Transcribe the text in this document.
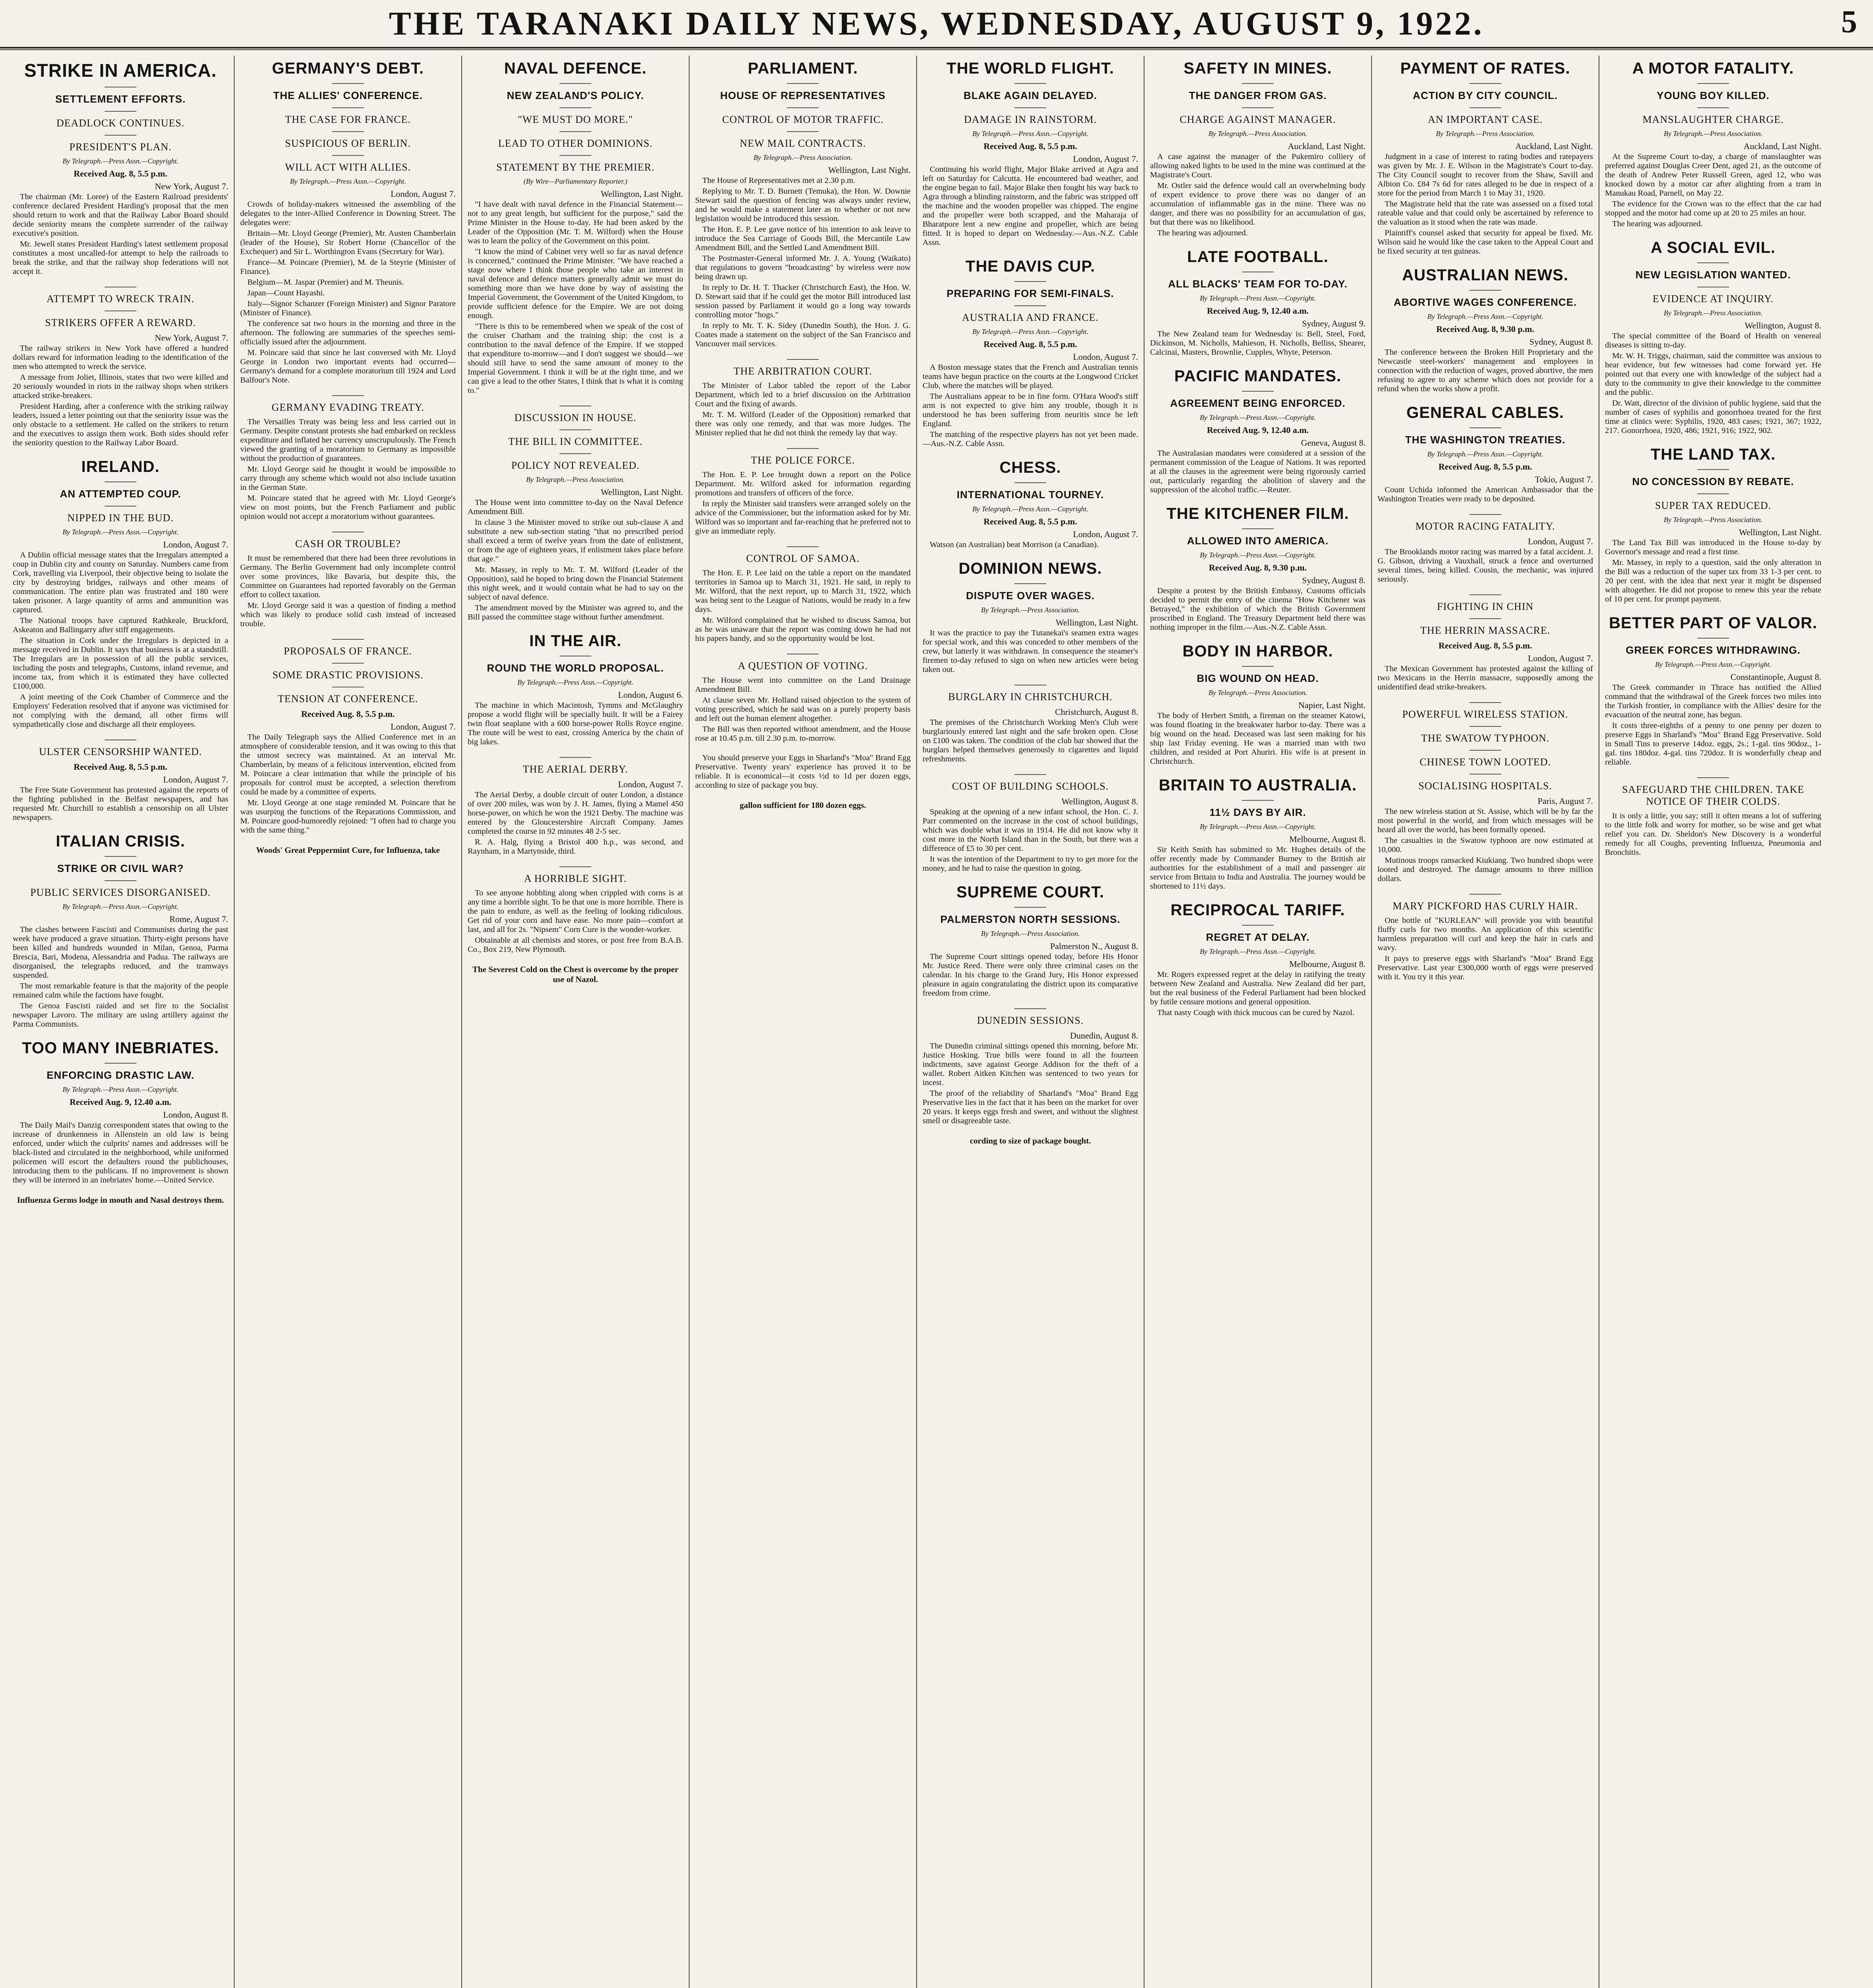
THE TARANAKI DAILY NEWS, WEDNESDAY, AUGUST 9, 1922.	5
STRIKE IN AMERICA.
SETTLEMENT EFFORTS.
DEADLOCK CONTINUES.
PRESIDENT'S PLAN.
By Telegraph.—Press Assn.—Copyright.
Received Aug. 8, 5.5 p.m.
New York, August 7.

The chairman (Mr. Loree) of the Eastern Railroad presidents' conference declared President Harding's proposal that the men should return to work and that the Railway Labor Board should decide seniority means the complete surrender of the railway executive's position.

Mr. Jewell states President Harding's latest settlement proposal constitutes a most uncalled-for attempt to help the railroads to break the strike, and that the railway shop federations will not accept it.

ATTEMPT TO WRECK TRAIN.
STRIKERS OFFER A REWARD.
New York, August 7.

The railway strikers in New York have offered a hundred dollars reward for information leading to the identification of the men who attempted to wreck the service.

A message from Joliet, Illinois, states that two were killed and 20 seriously wounded in riots in the railway shops when strikers attacked strike-breakers.

President Harding, after a conference with the striking railway leaders, issued a letter pointing out that the seniority issue was the only obstacle to a settlement. He called on the strikers to return and the executives to assign them work. Both sides should refer the seniority question to the Railway Labor Board.

IRELAND.
AN ATTEMPTED COUP.
NIPPED IN THE BUD.
By Telegraph.—Press Assn.—Copyright.
London, August 7.

A Dublin official message states that the Irregulars attempted a coup in Dublin city and county on Saturday. Numbers came from Cork, travelling via Liverpool, their objective being to isolate the city by destroying bridges, railways and other means of communication. The entire plan was frustrated and 180 were taken prisoner. A large quantity of arms and ammunition was captured.

The National troops have captured Rathkeale, Bruckford, Askeaton and Ballingarry after stiff engagements.

The situation in Cork under the Irregulars is depicted in a message received in Dublin. It says that business is at a standstill. The Irregulars are in possession of all the public services, including the posts and telegraphs, Customs, inland revenue, and income tax, from which it is estimated they have collected £100,000.

A joint meeting of the Cork Chamber of Commerce and the Employers' Federation resolved that if anyone was victimised for not complying with the demand, all other firms will sympathetically close and discharge all their employees.

ULSTER CENSORSHIP WANTED.
Received Aug. 8, 5.5 p.m.
London, August 7.

The Free State Government has protested against the reports of the fighting published in the Belfast newspapers, and has requested Mr. Churchill to establish a censorship on all Ulster newspapers.

ITALIAN CRISIS.
STRIKE OR CIVIL WAR?
PUBLIC SERVICES DISORGANISED.
By Telegraph.—Press Assn.—Copyright.
Rome, August 7.

The clashes between Fascisti and Communists during the past week have produced a grave situation. Thirty-eight persons have been killed and hundreds wounded in Milan, Genoa, Parma Brescia, Bari, Modena, Alessandria and Padua. The railways are disorganised, the telegraphs reduced, and the tramways suspended.

The most remarkable feature is that the majority of the people remained calm while the factions have fought.

The Genoa Fascisti raided and set fire to the Socialist newspaper Lavoro. The military are using artillery against the Parma Communists.

TOO MANY INEBRIATES.
ENFORCING DRASTIC LAW.
By Telegraph.—Press Assn.—Copyright.
Received Aug. 9, 12.40 a.m.
London, August 8.

The Daily Mail's Danzig correspondent states that owing to the increase of drunkenness in Allenstein an old law is being enforced, under which the culprits' names and addresses will be black-listed and circulated in the neighborhood, while uniformed policemen will escort the defaulters round the publichouses, introducing them to the publicans. If no improvement is shown they will be interned in an inebriates' home.—United Service.

Influenza Germs lodge in mouth and Nasal destroys them.
GERMANY'S DEBT.
THE ALLIES' CONFERENCE.
THE CASE FOR FRANCE.
SUSPICIOUS OF BERLIN.
WILL ACT WITH ALLIES.
By Telegraph.—Press Assn.—Copyright.
London, August 7.

Crowds of holiday-makers witnessed the assembling of the delegates to the inter-Allied Conference in Downing Street. The delegates were:

Britain—Mr. Lloyd George (Premier), Mr. Austen Chamberlain (leader of the House), Sir Robert Horne (Chancellor of the Exchequer) and Sir L. Worthington Evans (Secretary for War).

France—M. Poincare (Premier), M. de la Steyrie (Minister of Finance).

Belgium—M. Jaspar (Premier) and M. Theunis.

Japan—Count Hayashi.

Italy—Signor Schanzer (Foreign Minister) and Signor Paratore (Minister of Finance).

The conference sat two hours in the morning and three in the afternoon. The following are summaries of the speeches semi-officially issued after the adjournment.

M. Poincare said that since he last conversed with Mr. Lloyd George in London two important events had occurred—Germany's demand for a complete moratorium till 1924 and Lord Balfour's Note.

GERMANY EVADING TREATY.

The Versailles Treaty was being less and less carried out in Germany. Despite constant protests she had embarked on reckless expenditure and inflated her currency unscrupulously. The French viewed the granting of a moratorium to Germany as impossible without the production of guarantees.

Mr. Lloyd George said he thought it would be impossible to carry through any scheme which would not also include taxation in the German State.

M. Poincare stated that he agreed with Mr. Lloyd George's view on most points, but the French Parliament and public opinion would not accept a moratorium without guarantees.

CASH OR TROUBLE?

It must be remembered that there had been three revolutions in Germany. The Berlin Government had only incomplete control over some provinces, like Bavaria, but despite this, the Committee on Guarantees had reported favorably on the German effort to collect taxation.

Mr. Lloyd George said it was a question of finding a method which was likely to produce solid cash instead of increased trouble.

PROPOSALS OF FRANCE.
SOME DRASTIC PROVISIONS.
TENSION AT CONFERENCE.
Received Aug. 8, 5.5 p.m.
London, August 7.

The Daily Telegraph says the Allied Conference met in an atmosphere of considerable tension, and it was owing to this that the utmost secrecy was maintained. At an interval Mr. Chamberlain, by means of a felicitous intervention, elicited from M. Poincare a clear intimation that while the principle of his proposals for control must be accepted, a selection therefrom could be made by a committee of experts.

Mr. Lloyd George at one stage reminded M. Poincare that he was usurping the functions of the Reparations Commission, and M. Poincare good-humoredly rejoined: "I often had to charge you with the same thing."

Woods' Great Peppermint Cure, for Influenza, take
NAVAL DEFENCE.
NEW ZEALAND'S POLICY.
"WE MUST DO MORE."
LEAD TO OTHER DOMINIONS.
STATEMENT BY THE PREMIER.
(By Wire—Parliamentary Reporter.)
Wellington, Last Night.

"I have dealt with naval defence in the Financial Statement—not to any great length, but sufficient for the purpose," said the Prime Minister in the House to-day. He had been asked by the Leader of the Opposition (Mr. T. M. Wilford) when the House was to learn the policy of the Government on this point.

"I know the mind of Cabinet very well so far as naval defence is concerned," continued the Prime Minister. "We have reached a stage now where I think those people who take an interest in naval defence and defence matters generally admit we must do something more than we have done by way of assisting the Imperial Government, the Government of the United Kingdom, to provide sufficient defence for the Empire. We are not doing enough.

"There is this to be remembered when we speak of the cost of the cruiser Chatham and the training ship: the cost is a contribution to the naval defence of the Empire. If we stopped that expenditure to-morrow—and I don't suggest we should—we should still have to send the same amount of money to the Imperial Government. I think it will be at the right time, and we can give a lead to the other States, I think that is what it is coming to."

DISCUSSION IN HOUSE.
THE BILL IN COMMITTEE.
POLICY NOT REVEALED.
By Telegraph.—Press Association.
Wellington, Last Night.

The House went into committee to-day on the Naval Defence Amendment Bill.

In clause 3 the Minister moved to strike out sub-clause A and substitute a new sub-section stating "that no prescribed period shall exceed a term of twelve years from the date of enlistment, or from the age of eighteen years, if enlistment takes place before that age."

Mr. Massey, in reply to Mr. T. M. Wilford (Leader of the Opposition), said he hoped to bring down the Financial Statement this night week, and it would contain what he had to say on the subject of naval defence.

The amendment moved by the Minister was agreed to, and the Bill passed the committee stage without further amendment.

IN THE AIR.
ROUND THE WORLD PROPOSAL.
By Telegraph.—Press Assn.—Copyright.
London, August 6.

The machine in which Macintosh, Tymms and McGlaughry propose a world flight will be specially built. It will be a Fairey twin float seaplane with a 600 horse-power Rolls Royce engine. The route will be west to east, crossing America by the chain of big lakes.

THE AERIAL DERBY.
London, August 7.

The Aerial Derby, a double circuit of outer London, a distance of over 200 miles, was won by J. H. James, flying a Mamel 450 horse-power, on which he won the 1921 Derby. The machine was entered by the Gloucestershire Aircraft Company. James completed the course in 92 minutes 48 2-5 sec.

R. A. Halg, flying a Bristol 400 h.p., was second, and Raynham, in a Martynside, third.

A HORRIBLE SIGHT.

To see anyone hobbling along when crippled with corns is at any time a horrible sight. To be that one is more horrible. There is the pain to endure, as well as the feeling of looking ridiculous. Get rid of your corn and have ease. No more pain—comfort at last, and all for 2s. "Nipsem" Corn Cure is the wonder-worker.

Obtainable at all chemists and stores, or post free from B.A.B. Co., Box 219, New Plymouth.

The Severest Cold on the Chest is overcome by the proper use of Nazol.
PARLIAMENT.
HOUSE OF REPRESENTATIVES
CONTROL OF MOTOR TRAFFIC.
NEW MAIL CONTRACTS.
By Telegraph.—Press Association.
Wellington, Last Night.

The House of Representatives met at 2.30 p.m.

Replying to Mr. T. D. Burnett (Temuka), the Hon. W. Downie Stewart said the question of fencing was always under review, and he would make a statement later as to whether or not new legislation would be introduced this session.

The Hon. E. P. Lee gave notice of his intention to ask leave to introduce the Sea Carriage of Goods Bill, the Mercantile Law Amendment Bill, and the Settled Land Amendment Bill.

The Postmaster-General informed Mr. J. A. Young (Waikato) that regulations to govern "broadcasting" by wireless were now being drawn up.

In reply to Dr. H. T. Thacker (Christchurch East), the Hon. W. D. Stewart said that if he could get the motor Bill introduced last session passed by Parliament it would go a long way towards controlling motor "hogs."

In reply to Mr. T. K. Sidey (Dunedin South), the Hon. J. G. Coates made a statement on the subject of the San Francisco and Vancouver mail services.

THE ARBITRATION COURT.

The Minister of Labor tabled the report of the Labor Department, which led to a brief discussion on the Arbitration Court and the fixing of awards.

Mr. T. M. Wilford (Leader of the Opposition) remarked that there was only one remedy, and that was more Judges. The Minister replied that he did not think the remedy lay that way.

THE POLICE FORCE.

The Hon. E. P. Lee brought down a report on the Police Department. Mr. Wilford asked for information regarding promotions and transfers of officers of the force.

In reply the Minister said transfers were arranged solely on the advice of the Commissioner, but the information asked for by Mr. Wilford was so important and far-reaching that he preferred not to give an immediate reply.

CONTROL OF SAMOA.

The Hon. E. P. Lee laid on the table a report on the mandated territories in Samoa up to March 31, 1921. He said, in reply to Mr. Wilford, that the next report, up to March 31, 1922, which was being sent to the League of Nations, would be ready in a few days.

Mr. Wilford complained that he wished to discuss Samoa, but as he was unaware that the report was coming down he had not his papers handy, and so the opportunity would be lost.

A QUESTION OF VOTING.

The House went into committee on the Land Drainage Amendment Bill.

At clause seven Mr. Holland raised objection to the system of voting prescribed, which he said was on a purely property basis and left out the human element altogether.

The Bill was then reported without amendment, and the House rose at 10.45 p.m. till 2.30 p.m. to-morrow.

You should preserve your Eggs in Sharland's "Moa" Brand Egg Preservative. Twenty years' experience has proved it to be reliable. It is economical—it costs ½d to 1d per dozen eggs, according to size of package you buy.

gallon sufficient for 180 dozen eggs.
THE WORLD FLIGHT.
BLAKE AGAIN DELAYED.
DAMAGE IN RAINSTORM.
By Telegraph.—Press Assn.—Copyright.
Received Aug. 8, 5.5 p.m.
London, August 7.

Continuing his world flight, Major Blake arrived at Agra and left on Saturday for Calcutta. He encountered bad weather, and the engine began to fail. Major Blake then fought his way back to Agra through a blinding rainstorm, and the fabric was stripped off the machine and the wooden propeller was chipped. The engine and the propeller were both scrapped, and the Maharaja of Bharatpore lent a new engine and propeller, which are being fitted. It is hoped to depart on Wednesday.—Aus.-N.Z. Cable Assn.

THE DAVIS CUP.
PREPARING FOR SEMI-FINALS.
AUSTRALIA AND FRANCE.
By Telegraph.—Press Assn.—Copyright.
Received Aug. 8, 5.5 p.m.
London, August 7.

A Boston message states that the French and Australian tennis teams have begun practice on the courts at the Longwood Cricket Club, where the matches will be played.

The Australians appear to be in fine form. O'Hara Wood's stiff arm is not expected to give him any trouble, though it is understood he has been suffering from neuritis since he left England.

The matching of the respective players has not yet been made.—Aus.-N.Z. Cable Assn.

CHESS.
INTERNATIONAL TOURNEY.
By Telegraph.—Press Assn.—Copyright.
Received Aug. 8, 5.5 p.m.
London, August 7.

Watson (an Australian) beat Morrison (a Canadian).

DOMINION NEWS.
DISPUTE OVER WAGES.
By Telegraph.—Press Association.
Wellington, Last Night.

It was the practice to pay the Tutanekai's seamen extra wages for special work, and this was conceded to other members of the crew, but latterly it was withdrawn. In consequence the steamer's firemen to-day refused to sign on when new articles were being taken out.

BURGLARY IN CHRISTCHURCH.
Christchurch, August 8.

The premises of the Christchurch Working Men's Club were burglariously entered last night and the safe broken open. Close on £100 was taken. The condition of the club bar showed that the burglars helped themselves generously to cigarettes and liquid refreshments.

COST OF BUILDING SCHOOLS.
Wellington, August 8.

Speaking at the opening of a new infant school, the Hon. C. J. Parr commented on the increase in the cost of school buildings, which was double what it was in 1914. He did not know why it cost more in the North Island than in the South, but there was a difference of £5 to 30 per cent.

It was the intention of the Department to try to get more for the money, and he had to raise the question in going.

SUPREME COURT.
PALMERSTON NORTH SESSIONS.
By Telegraph.—Press Association.
Palmerston N., August 8.

The Supreme Court sittings opened today, before His Honor Mr. Justice Reed. There were only three criminal cases on the calendar. In his charge to the Grand Jury, His Honor expressed pleasure in again congratulating the district upon its comparative freedom from crime.

DUNEDIN SESSIONS.
Dunedin, August 8.

The Dunedin criminal sittings opened this morning, before Mr. Justice Hosking. True bills were found in all the fourteen indictments, save against George Addison for the theft of a wallet. Robert Aitken Kitchen was sentenced to two years for incest.

The proof of the reliability of Sharland's "Moa" Brand Egg Preservative lies in the fact that it has been on the market for over 20 years. It keeps eggs fresh and sweet, and without the slightest smell or disagreeable taste.

cording to size of package bought.
SAFETY IN MINES.
THE DANGER FROM GAS.
CHARGE AGAINST MANAGER.
By Telegraph.—Press Association.
Auckland, Last Night.

A case against the manager of the Pukemiro colliery of allowing naked lights to be used in the mine was continued at the Magistrate's Court.

Mr. Ostler said the defence would call an overwhelming body of expert evidence to prove there was no danger of an accumulation of inflammable gas in the mine. There was no danger, and there was no possibility for an accumulation of gas, but that there was no likelihood.

The hearing was adjourned.

LATE FOOTBALL.
ALL BLACKS' TEAM FOR TO-DAY.
By Telegraph.—Press Assn.—Copyright.
Received Aug. 9, 12.40 a.m.
Sydney, August 9.

The New Zealand team for Wednesday is: Bell, Steel, Ford, Dickinson, M. Nicholls, Mahieson, H. Nicholls, Belliss, Shearer, Calcinai, Masters, Brownlie, Cupples, Whyte, Peterson.

PACIFIC MANDATES.
AGREEMENT BEING ENFORCED.
By Telegraph.—Press Assn.—Copyright.
Received Aug. 9, 12.40 a.m.
Geneva, August 8.

The Australasian mandates were considered at a session of the permanent commission of the League of Nations. It was reported at all the clauses in the agreement were being rigorously carried out, particularly regarding the abolition of slavery and the suppression of the alcohol traffic.—Reuter.

THE KITCHENER FILM.
ALLOWED INTO AMERICA.
By Telegraph.—Press Assn.—Copyright.
Received Aug. 8, 9.30 p.m.
Sydney, August 8.

Despite a protest by the British Embassy, Customs officials decided to permit the entry of the cinema "How Kitchener was Betrayed," the exhibition of which the British Government proscribed in England. The Treasury Department held there was nothing improper in the film.—Aus.-N.Z. Cable Assn.

BODY IN HARBOR.
BIG WOUND ON HEAD.
By Telegraph.—Press Association.
Napier, Last Night.

The body of Herbert Smith, a fireman on the steamer Katowi, was found floating in the breakwater harbor to-day. There was a big wound on the head. Deceased was last seen making for his ship last Friday evening. He was a married man with two children, and resided at Port Ahuriri. His wife is at present in Christchurch.

BRITAIN TO AUSTRALIA.
11½ DAYS BY AIR.
By Telegraph.—Press Assn.—Copyright.
Melbourne, August 8.

Sir Keith Smith has submitted to Mr. Hughes details of the offer recently made by Commander Burney to the British air authorities for the establishment of a mail and passenger air service from Britain to India and Australia. The journey would be shortened to 11½ days.

RECIPROCAL TARIFF.
REGRET AT DELAY.
By Telegraph.—Press Assn.—Copyright.
Melbourne, August 8.

Mr. Rogers expressed regret at the delay in ratifying the treaty between New Zealand and Australia. New Zealand did her part, but the real business of the Federal Parliament had been blocked by futile censure motions and general opposition.

That nasty Cough with thick mucous can be cured by Nazol.

PAYMENT OF RATES.
ACTION BY CITY COUNCIL.
AN IMPORTANT CASE.
By Telegraph.—Press Association.
Auckland, Last Night.

Judgment in a case of interest to rating bodies and ratepayers was given by Mr. J. E. Wilson in the Magistrate's Court to-day. The City Council sought to recover from the Shaw, Savill and Albion Co. £84 7s 6d for rates alleged to be due in respect of a store for the period from March 1 to May 31, 1920.

The Magistrate held that the rate was assessed on a fixed total rateable value and that could only be ascertained by reference to the valuation as it stood when the rate was made.

Plaintiff's counsel asked that security for appeal be fixed. Mr. Wilson said he would like the case taken to the Appeal Court and he fixed security at ten guineas.

AUSTRALIAN NEWS.
ABORTIVE WAGES CONFERENCE.
By Telegraph.—Press Assn.—Copyright.
Received Aug. 8, 9.30 p.m.
Sydney, August 8.

The conference between the Broken Hill Proprietary and the Newcastle steel-workers' management and employees in connection with the reduction of wages, proved abortive, the men refusing to agree to any scheme which does not provide for a refund when the works show a profit.

GENERAL CABLES.
THE WASHINGTON TREATIES.
By Telegraph.—Press Assn.—Copyright.
Received Aug. 8, 5.5 p.m.
Tokio, August 7.

Count Uchida informed the American Ambassador that the Washington Treaties were ready to be deposited.

MOTOR RACING FATALITY.
London, August 7.

The Brooklands motor racing was marred by a fatal accident. J. G. Gibson, driving a Vauxhall, struck a fence and overturned several times, being killed. Cousin, the mechanic, was injured seriously.

FIGHTING IN CHIN
THE HERRIN MASSACRE.
Received Aug. 8, 5.5 p.m.
London, August 7.

The Mexican Government has protested against the killing of two Mexicans in the Herrin massacre, supposedly among the unidentified dead strike-breakers.

POWERFUL WIRELESS STATION.
THE SWATOW TYPHOON.
CHINESE TOWN LOOTED.
SOCIALISING HOSPITALS.
Paris, August 7.

The new wireless station at St. Assise, which will be by far the most powerful in the world, and from which messages will be heard all over the world, has been formally opened.

The casualties in the Swatow typhoon are now estimated at 10,000.

Mutinous troops ransacked Kiukiang. Two hundred shops were looted and destroyed. The damage amounts to three million dollars.

MARY PICKFORD HAS CURLY HAIR.

One bottle of "KURLEAN" will provide you with beautiful fluffy curls for two months. An application of this scientific harmless preparation will curl and keep the hair in curls and wavy.

It pays to preserve eggs with Sharland's "Moa" Brand Egg Preservative. Last year £300,000 worth of eggs were preserved with it. You try it this year.

A MOTOR FATALITY.
YOUNG BOY KILLED.
MANSLAUGHTER CHARGE.
By Telegraph.—Press Association.
Auckland, Last Night.

At the Supreme Court to-day, a charge of manslaughter was preferred against Douglas Creer Dent, aged 21, as the outcome of the death of Andrew Peter Russell Green, aged 12, who was knocked down by a motor car after alighting from a tram in Manukau Road, Parnell, on May 22.

The evidence for the Crown was to the effect that the car had stopped and the motor had come up at 20 to 25 miles an hour.

The hearing was adjourned.

A SOCIAL EVIL.
NEW LEGISLATION WANTED.
EVIDENCE AT INQUIRY.
By Telegraph.—Press Association.
Wellington, August 8.

The special committee of the Board of Health on venereal diseases is sitting to-day.

Mr. W. H. Triggs, chairman, said the committee was anxious to hear evidence, but few witnesses had come forward yet. He pointed out that every one with knowledge of the subject had a duty to the community to give their knowledge to the committee and the public.

Dr. Watt, director of the division of public hygiene, said that the number of cases of syphilis and gonorrhoea treated for the first time at clinics were: Syphilis, 1920, 483 cases; 1921, 367; 1922, 217. Gonorrhoea, 1920, 486; 1921, 916; 1922, 902.

THE LAND TAX.
NO CONCESSION BY REBATE.
SUPER TAX REDUCED.
By Telegraph.—Press Association.
Wellington, Last Night.

The Land Tax Bill was introduced in the House to-day by Governor's message and read a first time.

Mr. Massey, in reply to a question, said the only alteration in the Bill was a reduction of the super tax from 33 1-3 per cent. to 20 per cent. with the idea that next year it might be dispensed with altogether. He did not propose to renew this year the rebate of 10 per cent. for prompt payment.

BETTER PART OF VALOR.
GREEK FORCES WITHDRAWING.
By Telegraph.—Press Assn.—Copyright.
Constantinople, August 8.

The Greek commander in Thrace has notified the Allied command that the withdrawal of the Greek forces two miles into the Turkish frontier, in compliance with the Allies' desire for the evacuation of the neutral zone, has begun.

It costs three-eighths of a penny to one penny per dozen to preserve Eggs in Sharland's "Moa" Brand Egg Preservative. Sold in Small Tins to preserve 14doz. eggs, 2s.; 1-gal. tins 90doz., 1-gal. tins 180doz. 4-gal. tins 720doz. It is wonderfully cheap and reliable.

SAFEGUARD THE CHILDREN. TAKE NOTICE OF THEIR COLDS.

It is only a little, you say; still it often means a lot of suffering to the little folk and worry for mother, so be wise and get what relief you can. Dr. Sheldon's New Discovery is a wonderful remedy for all Coughs, preventing Influenza, Pneumonia and Bronchitis.
